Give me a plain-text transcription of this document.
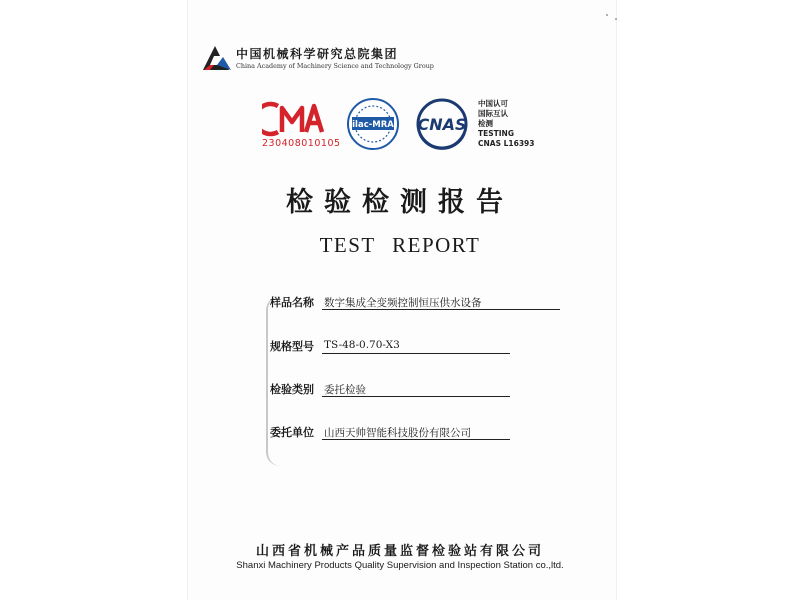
中国机械科学研究总院集团
China Academy of Machinery Science and Technology Group
230408010105
ilac-MRA CNAS
中国认可
国际互认
检测
TESTING
CNAS L16393
检验检测报告
TEST REPORT
样品名称 数字集成全变频控制恒压供水设备
规格型号 TS-48-0.70-X3
检验类别 委托检验
委托单位 山西天帅智能科技股份有限公司
山西省机械产品质量监督检验站有限公司
Shanxi Machinery Products Quality Supervision and Inspection Station co.,ltd.
